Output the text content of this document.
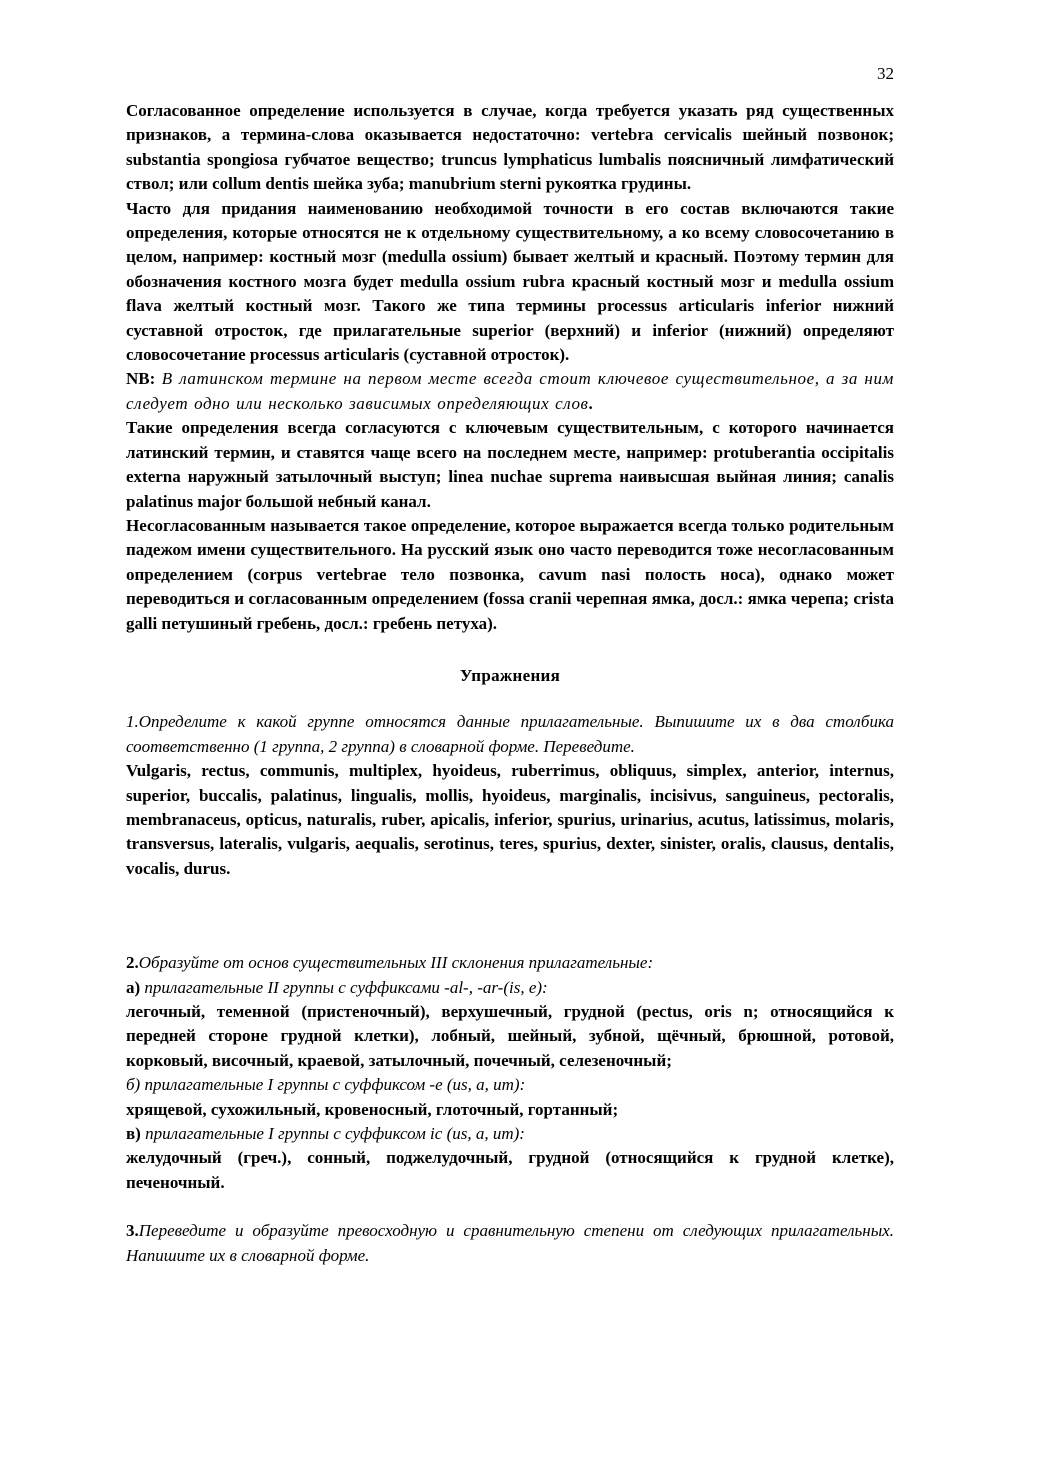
32

Согласованное определение используется в случае, когда требуется указать ряд существенных признаков, а термина-слова оказывается недостаточно: vertebra cervicalis шейный позвонок; substantia spongiosa губчатое вещество; truncus lymphaticus lumbalis поясничный лимфатический ствол; или collum dentis шейка зуба; manubrium sterni рукоятка грудины.

Часто для придания наименованию необходимой точности в его состав включаются такие определения, которые относятся не к отдельному существительному, а ко всему словосочетанию в целом, например: костный мозг (medulla ossium) бывает желтый и красный. Поэтому термин для обозначения костного мозга будет medulla ossium rubra красный костный мозг и medulla ossium flava желтый костный мозг. Такого же типа термины processus articularis inferior нижний суставной отросток, где прилагательные superior (верхний) и inferior (нижний) определяют словосочетание processus articularis (суставной отросток).

NB: В латинском термине на первом месте всегда стоит ключевое существительное, а за ним следует одно или несколько зависимых определяющих слов.

Такие определения всегда согласуются с ключевым существительным, с которого начинается латинский термин, и ставятся чаще всего на последнем месте, например: protuberantia occipitalis externa наружный затылочный выступ; linea nuchae suprema наивысшая выйная линия; canalis palatinus major большой небный канал.

Несогласованным называется такое определение, которое выражается всегда только родительным падежом имени существительного. На русский язык оно часто переводится тоже несогласованным определением (corpus vertebrae тело позвонка, cavum nasi полость носа), однако может переводиться и согласованным определением (fossa cranii черепная ямка, досл.: ямка черепа; crista galli петушиный гребень, досл.: гребень петуха).

Упражнения

1.Определите к какой группе относятся данные прилагательные. Выпишите их в два столбика соответственно (1 группа, 2 группа) в словарной форме. Переведите.

Vulgaris, rectus, communis, multiplex, hyoideus, ruberrimus, obliquus, simplex, anterior, internus, superior, buccalis, palatinus, lingualis, mollis, hyoideus, marginalis, incisivus, sanguineus, pectoralis, membranaceus, opticus, naturalis, ruber, apicalis, inferior, spurius, urinarius, acutus, latissimus, molaris, transversus, lateralis, vulgaris, aequalis, serotinus, teres, spurius, dexter, sinister, oralis, clausus, dentalis, vocalis, durus.

2.Образуйте от основ существительных III склонения прилагательные:

а) прилагательные II группы с суффиксами -al-, -ar-(is, e):

легочный, теменной (пристеночный), верхушечный, грудной (pectus, oris n; относящийся к передней стороне грудной клетки), лобный, шейный, зубной, щёчный, брюшной, ротовой, корковый, височный, краевой, затылочный, почечный, селезеночный;

б) прилагательные I группы с суффиксом -e (us, a, um):

хрящевой, сухожильный, кровеносный, глоточный, гортанный;

в) прилагательные I группы с суффиксом ic (us, a, um):

желудочный (греч.), сонный, поджелудочный, грудной (относящийся к грудной клетке), печеночный.

3.Переведите и образуйте превосходную и сравнительную степени от следующих прилагательных. Напишите их в словарной форме.
